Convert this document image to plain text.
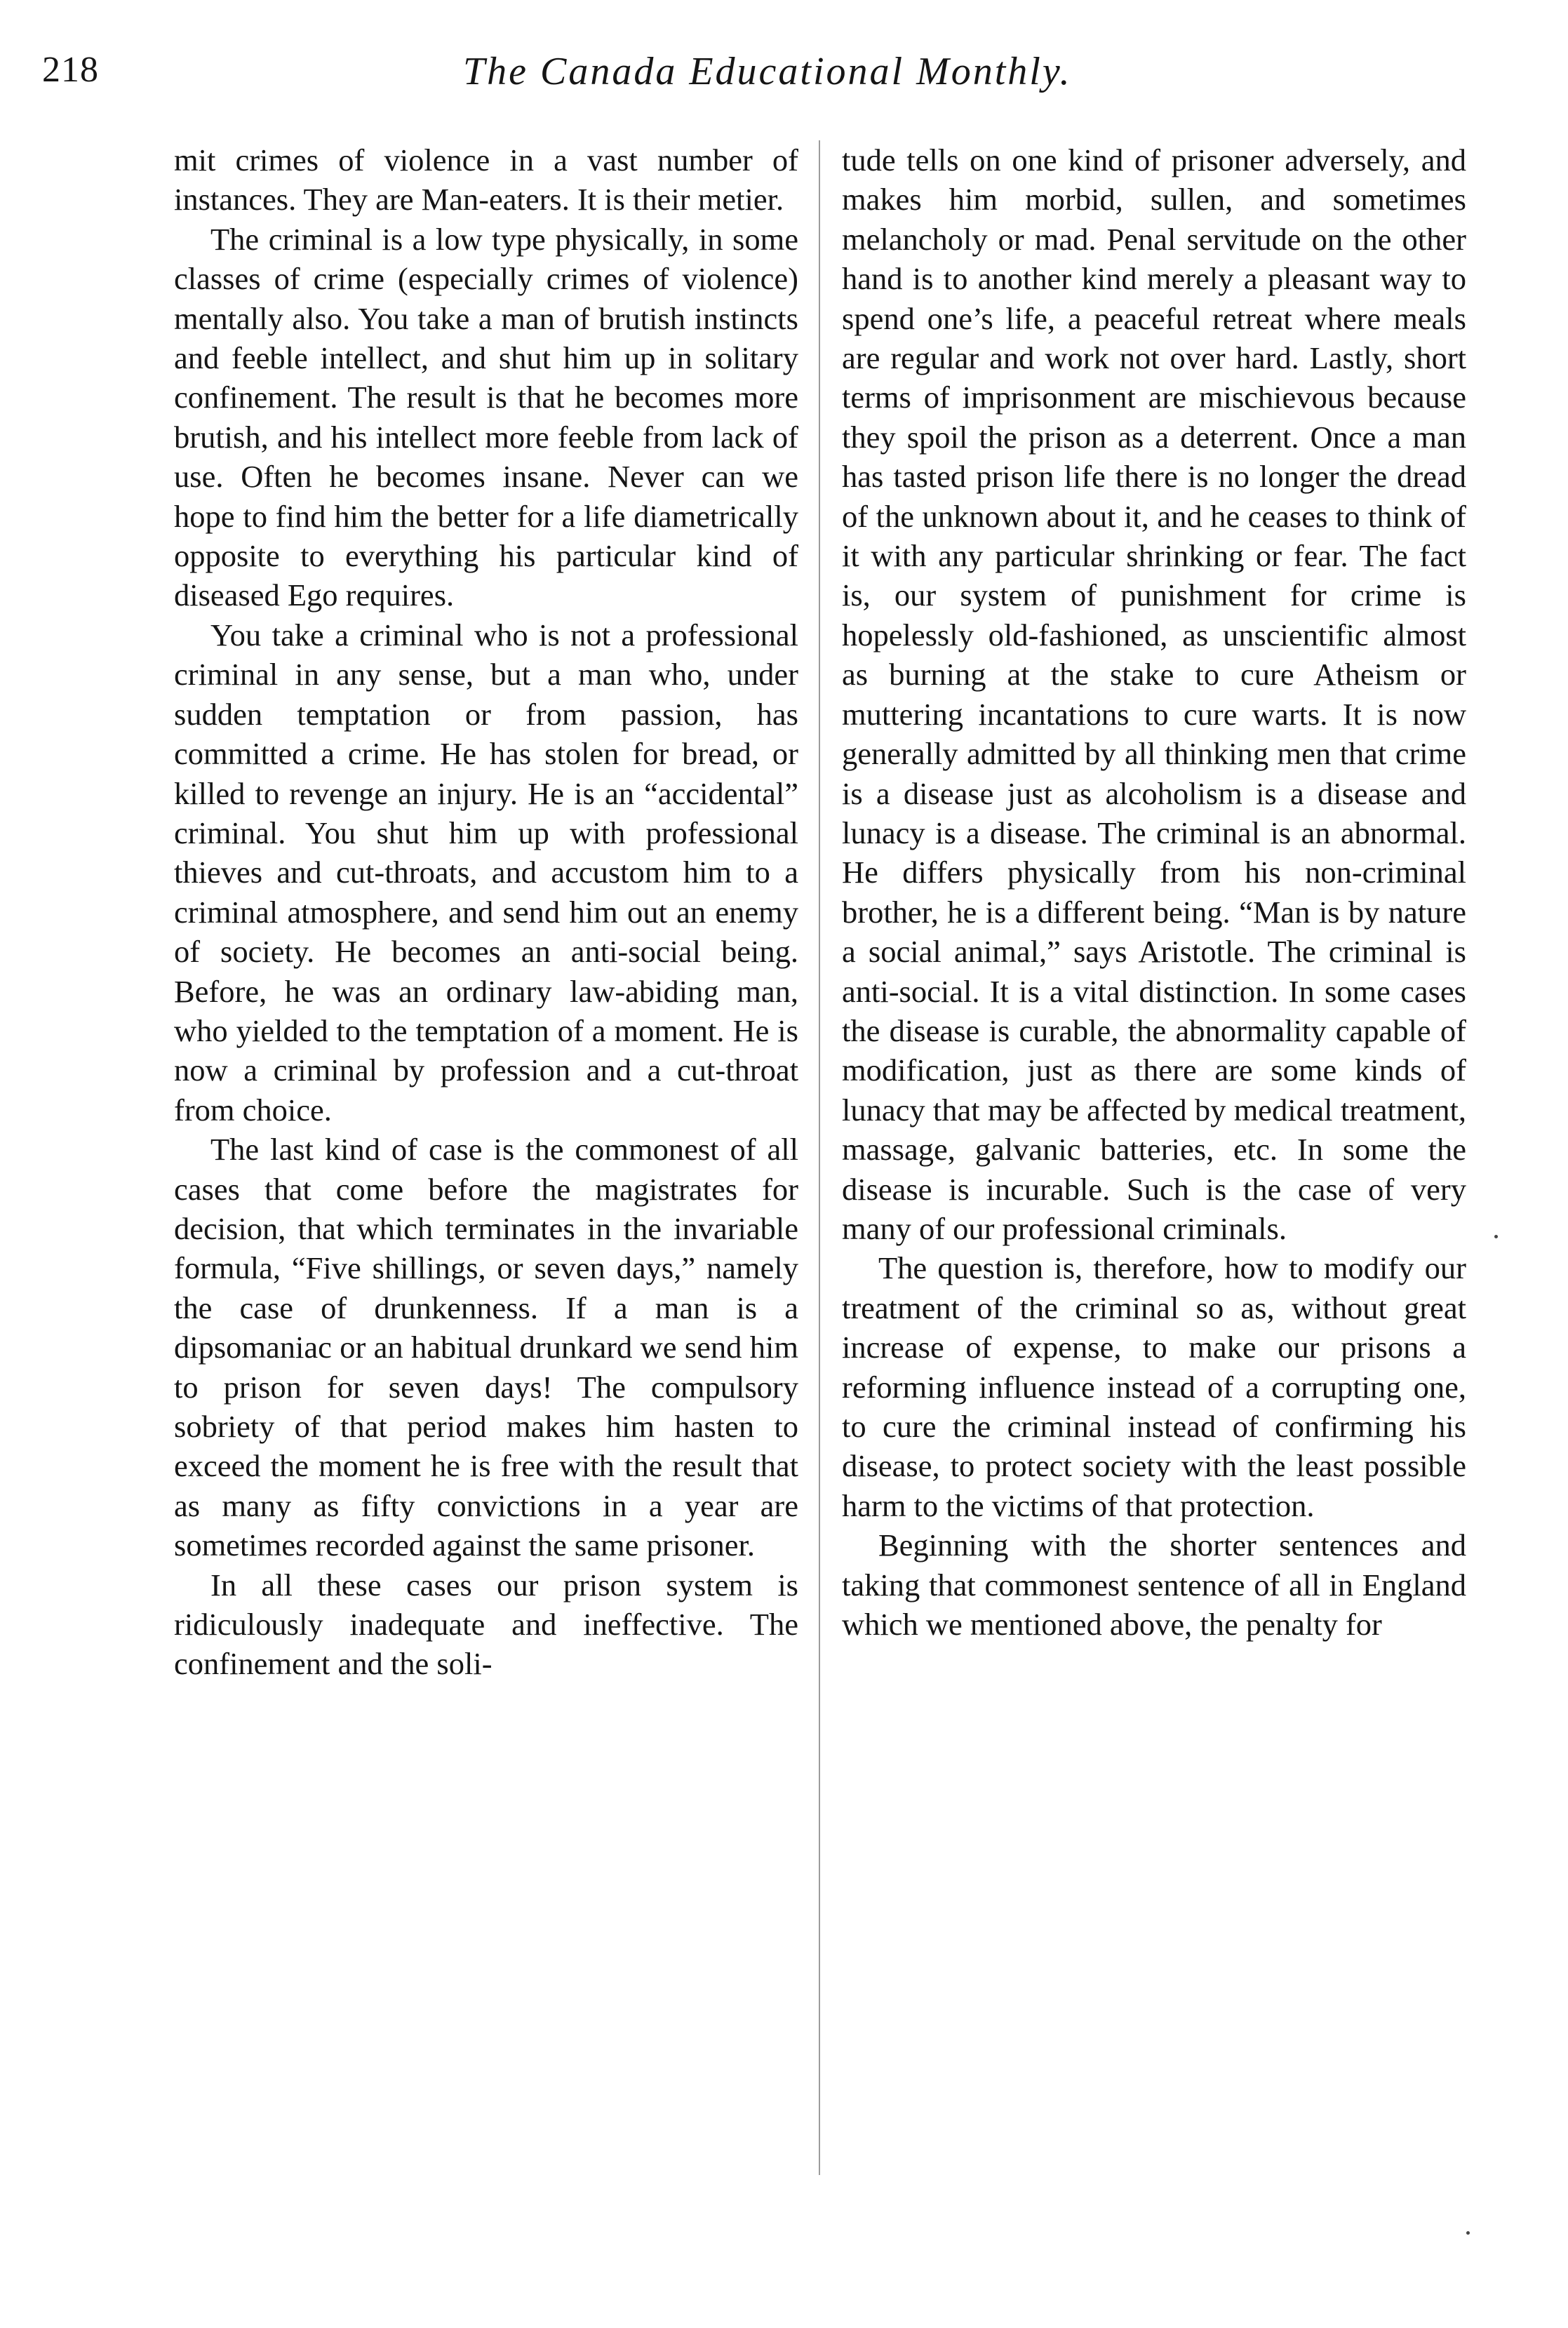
218	The Canada Educational Monthly.

mit crimes of violence in a vast number of instances. They are Man-eaters. It is their metier.

The criminal is a low type physically, in some classes of crime (especially crimes of violence) mentally also. You take a man of brutish instincts and feeble intellect, and shut him up in solitary confinement. The result is that he becomes more brutish, and his intellect more feeble from lack of use. Often he becomes insane. Never can we hope to find him the better for a life diametrically opposite to everything his particular kind of diseased Ego requires.

You take a criminal who is not a professional criminal in any sense, but a man who, under sudden temptation or from passion, has committed a crime. He has stolen for bread, or killed to revenge an injury. He is an “accidental” criminal. You shut him up with professional thieves and cut-throats, and accustom him to a criminal atmosphere, and send him out an enemy of society. He becomes an anti-social being. Before, he was an ordinary law-abiding man, who yielded to the temptation of a moment. He is now a criminal by profession and a cut-throat from choice.

The last kind of case is the commonest of all cases that come before the magistrates for decision, that which terminates in the invariable formula, “Five shillings, or seven days,” namely the case of drunkenness. If a man is a dipsomaniac or an habitual drunkard we send him to prison for seven days! The compulsory sobriety of that period makes him hasten to exceed the moment he is free with the result that as many as fifty convictions in a year are sometimes recorded against the same prisoner.

In all these cases our prison system is ridiculously inadequate and ineffective. The confinement and the soli-

tude tells on one kind of prisoner adversely, and makes him morbid, sullen, and sometimes melancholy or mad. Penal servitude on the other hand is to another kind merely a pleasant way to spend one’s life, a peaceful retreat where meals are regular and work not over hard. Lastly, short terms of imprisonment are mischievous because they spoil the prison as a deterrent. Once a man has tasted prison life there is no longer the dread of the unknown about it, and he ceases to think of it with any particular shrinking or fear. The fact is, our system of punishment for crime is hopelessly old-fashioned, as unscientific almost as burning at the stake to cure Atheism or muttering incantations to cure warts. It is now generally admitted by all thinking men that crime is a disease just as alcoholism is a disease and lunacy is a disease. The criminal is an abnormal. He differs physically from his non-criminal brother, he is a different being. “Man is by nature a social animal,” says Aristotle. The criminal is anti-social. It is a vital distinction. In some cases the disease is curable, the abnormality capable of modification, just as there are some kinds of lunacy that may be affected by medical treatment, massage, galvanic batteries, etc. In some the disease is incurable. Such is the case of very many of our professional criminals.

The question is, therefore, how to modify our treatment of the criminal so as, without great increase of expense, to make our prisons a reforming influence instead of a corrupting one, to cure the criminal instead of confirming his disease, to protect society with the least possible harm to the victims of that protection.

Beginning with the shorter sentences and taking that commonest sentence of all in England which we mentioned above, the penalty for
